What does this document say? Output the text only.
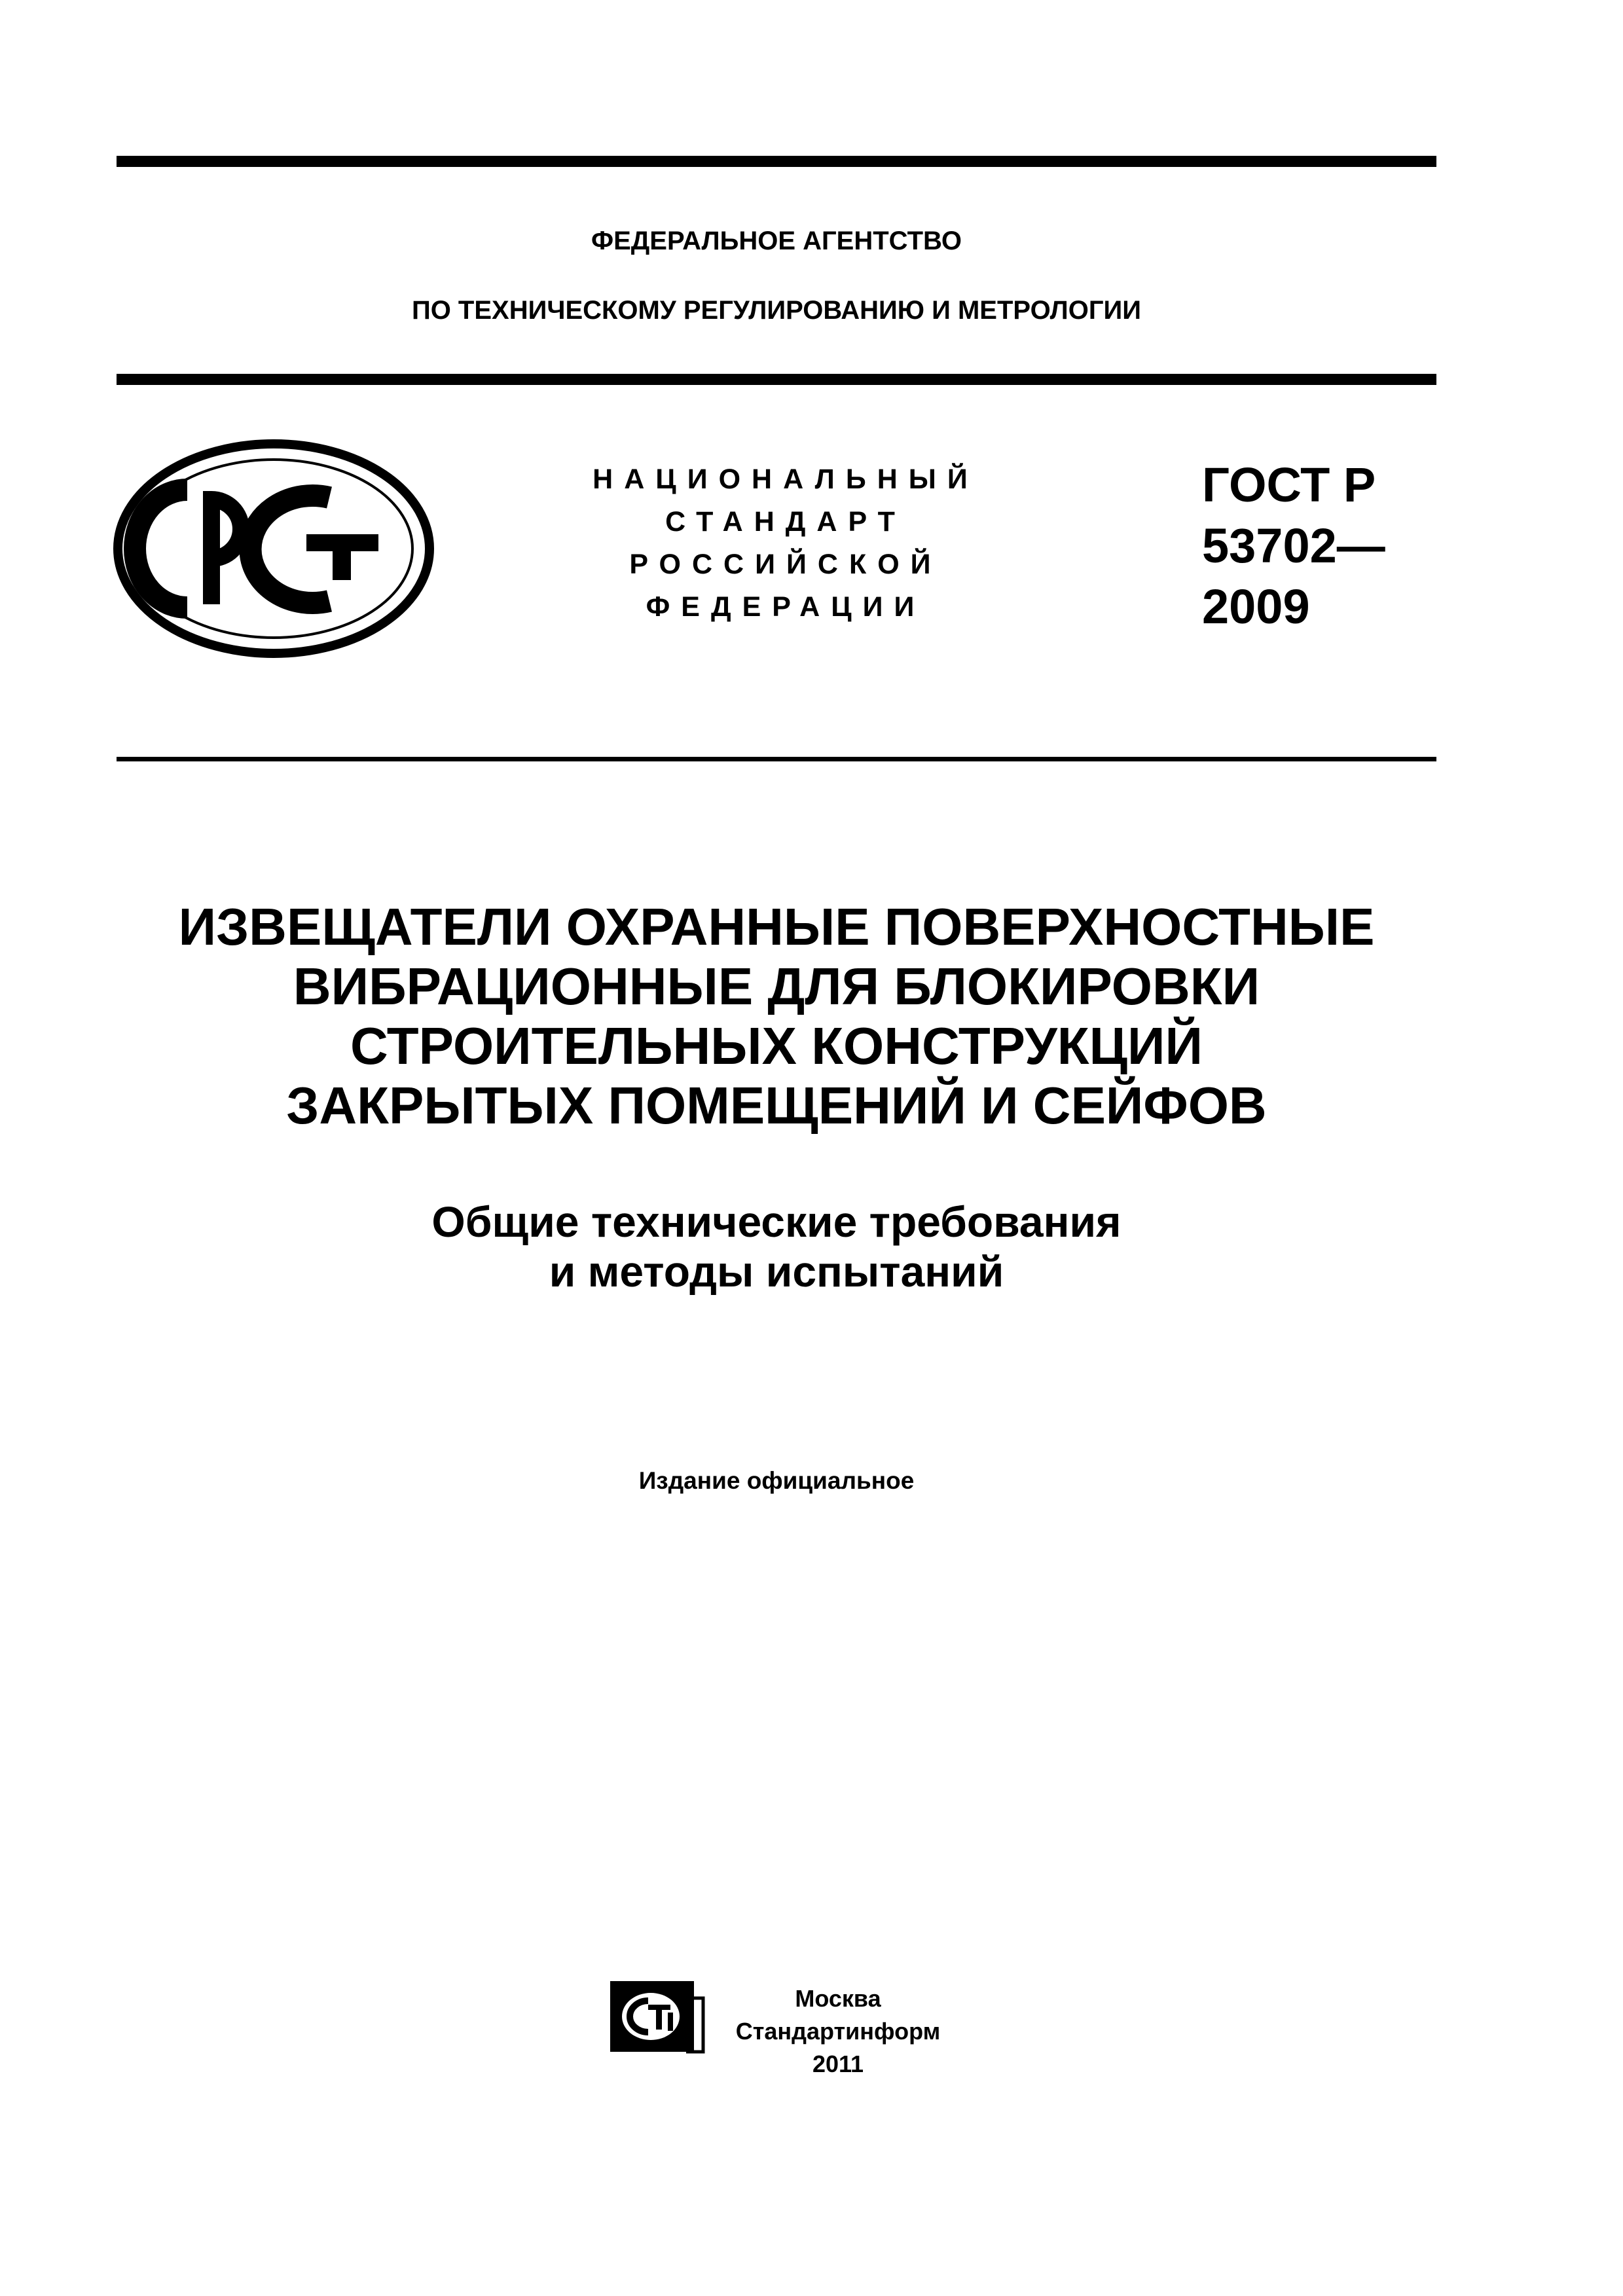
ФЕДЕРАЛЬНОЕ АГЕНТСТВО
ПО ТЕХНИЧЕСКОМУ РЕГУЛИРОВАНИЮ И МЕТРОЛОГИИ
НАЦИОНАЛЬНЫЙ
СТАНДАРТ
РОССИЙСКОЙ
ФЕДЕРАЦИИ
ГОСТ Р
53702—
2009
ИЗВЕЩАТЕЛИ ОХРАННЫЕ ПОВЕРХНОСТНЫЕ
ВИБРАЦИОННЫЕ ДЛЯ БЛОКИРОВКИ
СТРОИТЕЛЬНЫХ КОНСТРУКЦИЙ
ЗАКРЫТЫХ ПОМЕЩЕНИЙ И СЕЙФОВ
Общие технические требования
и методы испытаний
Издание официальное
Москва
Стандартинформ
2011
